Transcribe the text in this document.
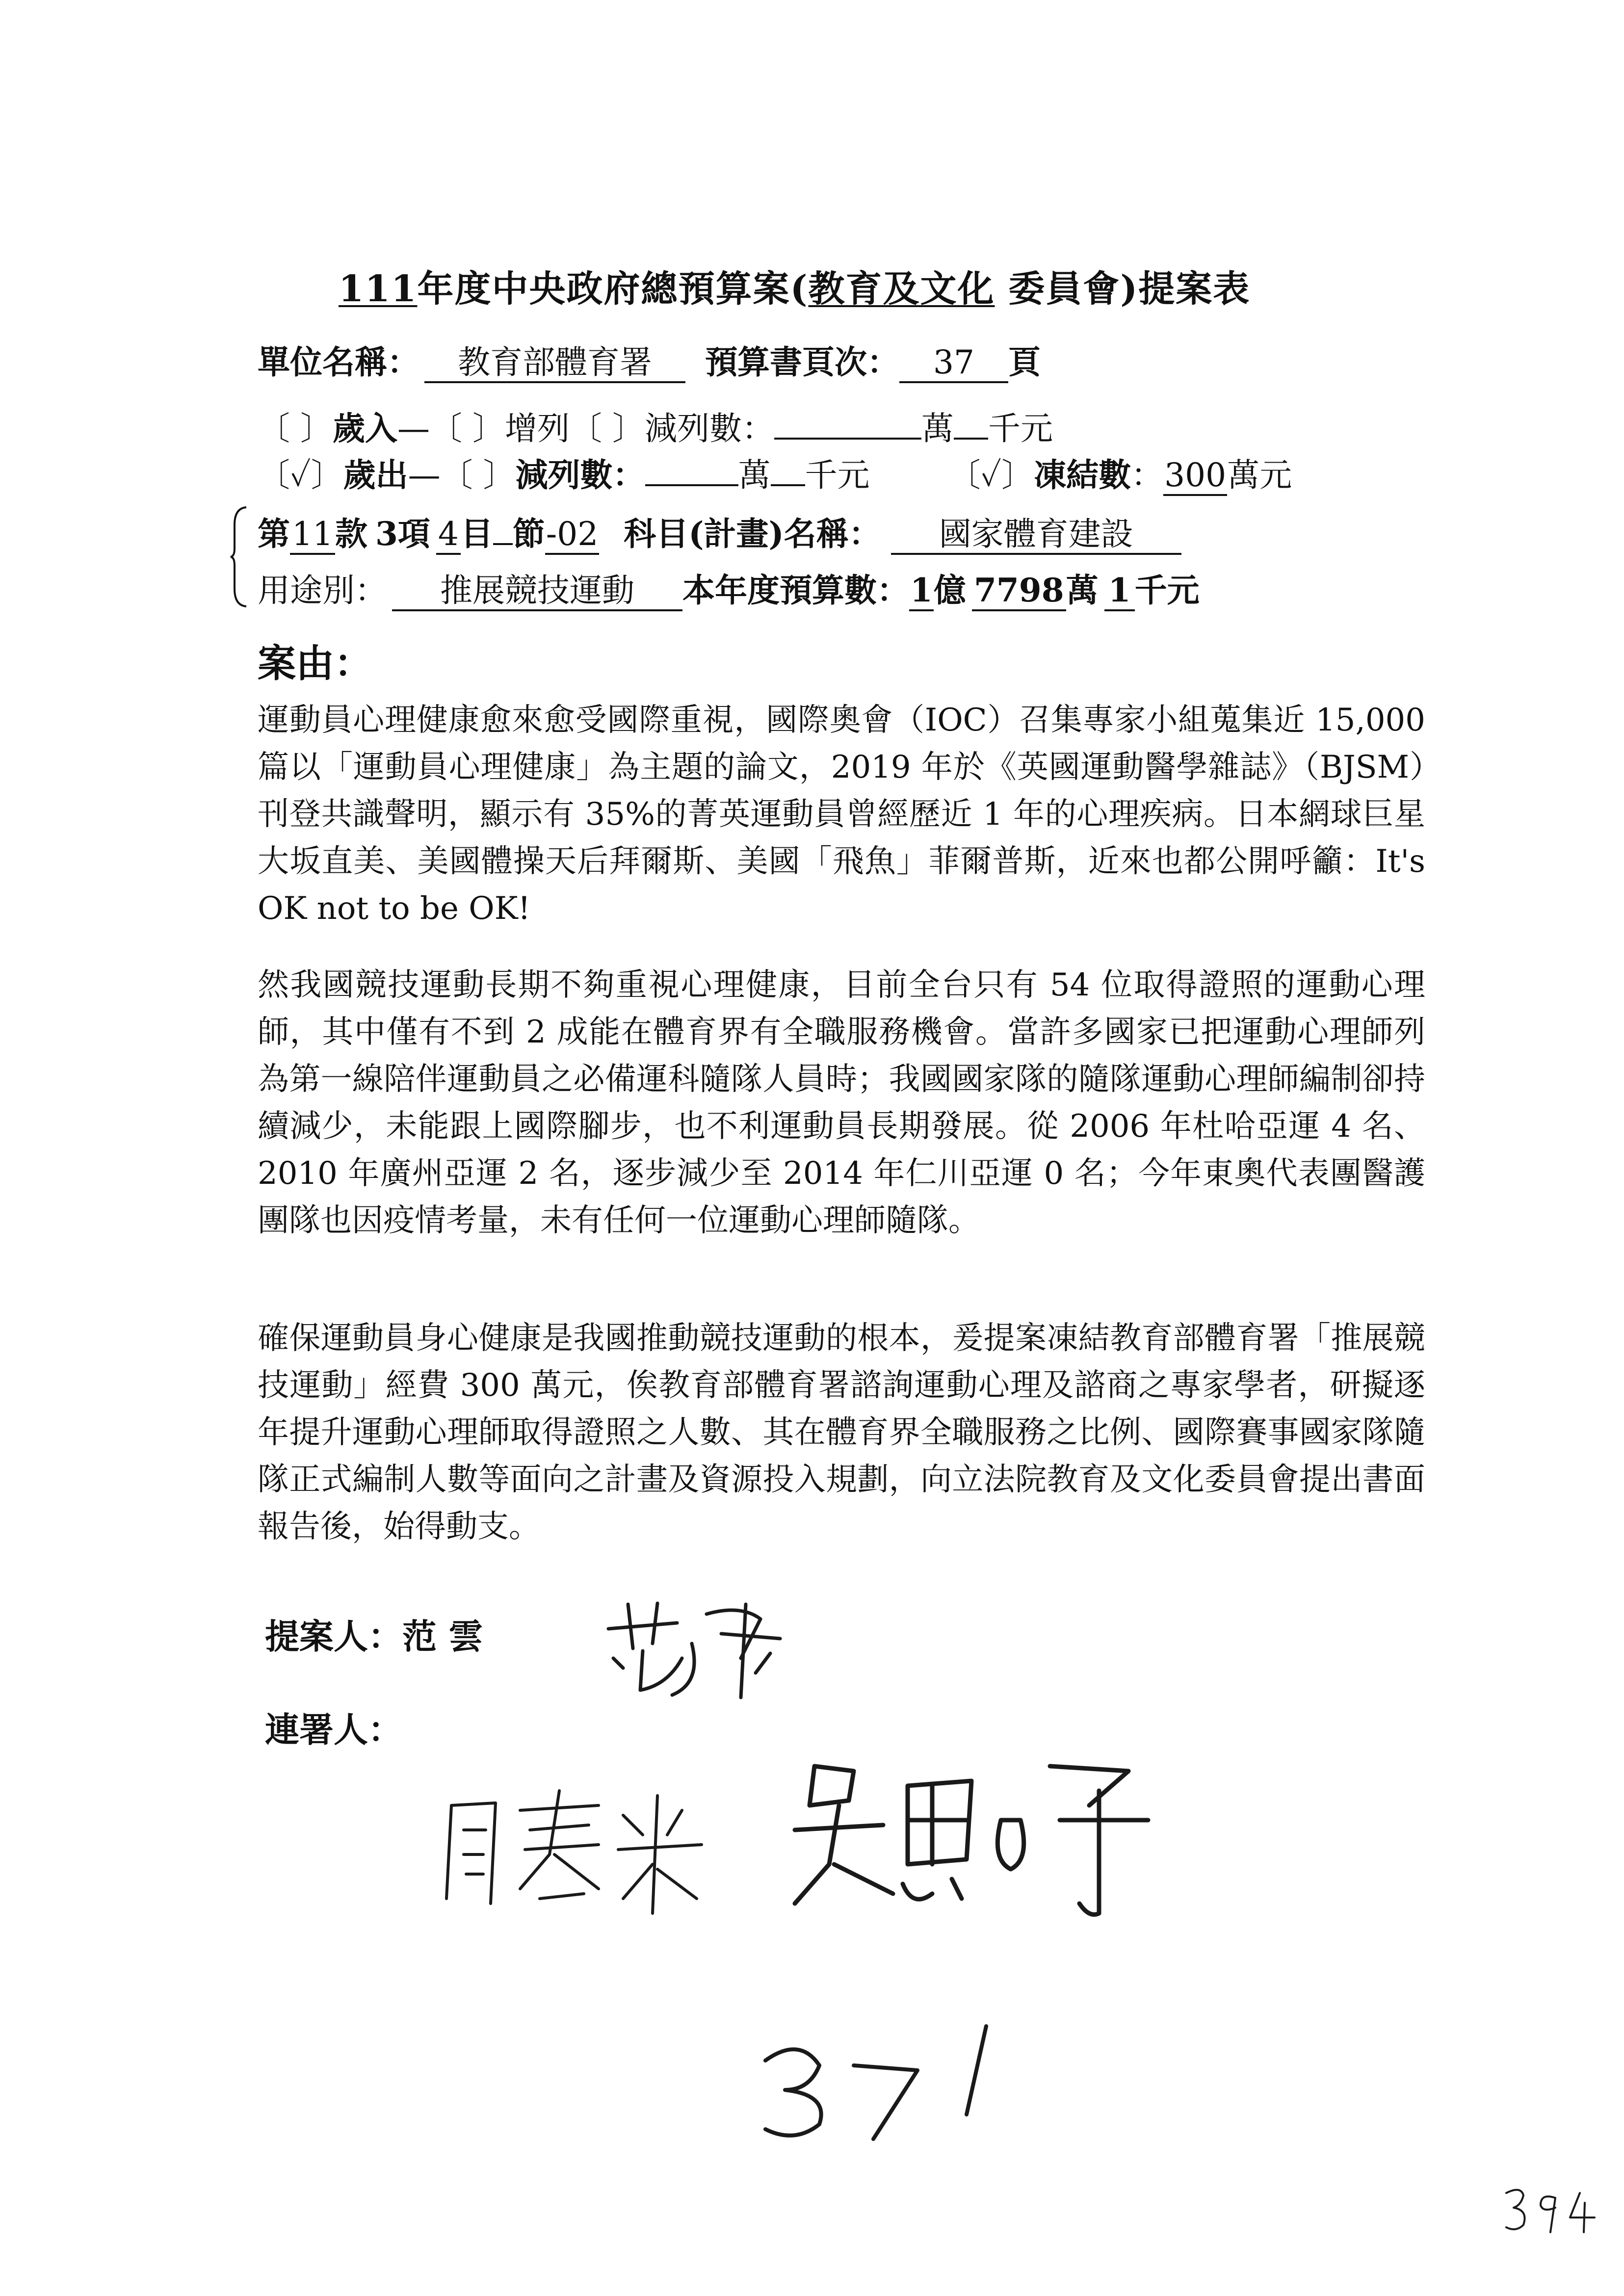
111年度中央政府總預算案(教育及文化 委員會)提案表
單位名稱： 教育部體育署 預算書頁次： 37 頁
〔 〕歲入—〔 〕增列〔 〕減列數：	萬 千元
〔✓〕歲出—〔 〕減列數：	萬 千元 〔✓〕凍結數：300萬元
第11款 3項 4目 節-02 科目(計畫)名稱： 國家體育建設
用途別： 推展競技運動 本年度預算數：1億 7798萬 1 千元
案由：
運動員心理健康愈來愈受國際重視，國際奧會（IOC）召集專家小組蒐集近 15,000 篇以「運動員心理健康」為主題的論文，2019 年於《英國運動醫學雜誌》（BJSM）刊登共識聲明，顯示有 35%的菁英運動員曾經歷近 1 年的心理疾病。日本網球巨星大坂直美、美國體操天后拜爾斯、美國「飛魚」菲爾普斯，近來也都公開呼籲：It's OK not to be OK!
然我國競技運動長期不夠重視心理健康，目前全台只有 54 位取得證照的運動心理師，其中僅有不到 2 成能在體育界有全職服務機會。當許多國家已把運動心理師列為第一線陪伴運動員之必備運科隨隊人員時；我國國家隊的隨隊運動心理師編制卻持續減少，未能跟上國際腳步，也不利運動員長期發展。從 2006 年杜哈亞運 4 名、2010 年廣州亞運 2 名，逐步減少至 2014 年仁川亞運 0 名；今年東奧代表團醫護團隊也因疫情考量，未有任何一位運動心理師隨隊。
確保運動員身心健康是我國推動競技運動的根本，爰提案凍結教育部體育署「推展競技運動」經費 300 萬元，俟教育部體育署諮詢運動心理及諮商之專家學者，研擬逐年提升運動心理師取得證照之人數、其在體育界全職服務之比例、國際賽事國家隊隨隊正式編制人數等面向之計畫及資源投入規劃，向立法院教育及文化委員會提出書面報告後，始得動支。
提案人：范 雲
連署人：
